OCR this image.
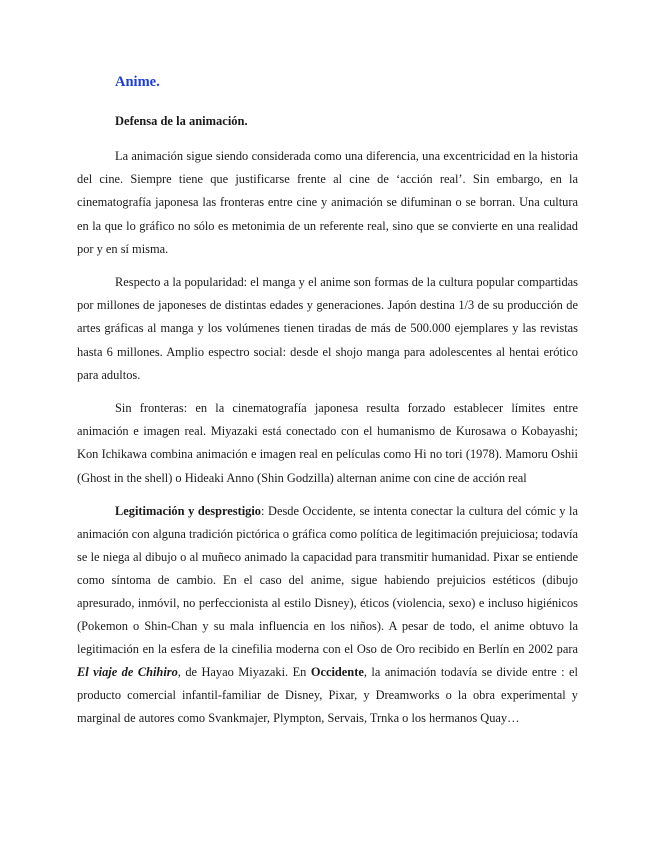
Anime.
Defensa de la animación.

La animación sigue siendo considerada como una diferencia, una excentricidad en la historia del cine. Siempre tiene que justificarse frente al cine de ‘acción real’. Sin embargo, en la cinematografía japonesa las fronteras entre cine y animación se difuminan o se borran. Una cultura en la que lo gráfico no sólo es metonimia de un referente real, sino que se convierte en una realidad por y en sí misma.

Respecto a la popularidad: el manga y el anime son formas de la cultura popular compartidas por millones de japoneses de distintas edades y generaciones. Japón destina 1/3 de su producción de artes gráficas al manga y los volúmenes tienen tiradas de más de 500.000 ejemplares y las revistas hasta 6 millones. Amplio espectro social: desde el shojo manga para adolescentes al hentai erótico para adultos.

Sin fronteras: en la cinematografía japonesa resulta forzado establecer límites entre animación e imagen real. Miyazaki está conectado con el humanismo de Kurosawa o Kobayashi; Kon Ichikawa combina animación e imagen real en películas como Hi no tori (1978). Mamoru Oshii (Ghost in the shell) o Hideaki Anno (Shin Godzilla) alternan anime con cine de acción real

Legitimación y desprestigio: Desde Occidente, se intenta conectar la cultura del cómic y la animación con alguna tradición pictórica o gráfica como política de legitimación prejuiciosa; todavía se le niega al dibujo o al muñeco animado la capacidad para transmitir humanidad. Pixar se entiende como síntoma de cambio. En el caso del anime, sigue habiendo prejuicios estéticos (dibujo apresurado, inmóvil, no perfeccionista al estilo Disney), éticos (violencia, sexo) e incluso higiénicos (Pokemon o Shin-Chan y su mala influencia en los niños). A pesar de todo, el anime obtuvo la legitimación en la esfera de la cinefilia moderna con el Oso de Oro recibido en Berlín en 2002 para El viaje de Chihiro, de Hayao Miyazaki. En Occidente, la animación todavía se divide entre : el producto comercial infantil-familiar de Disney, Pixar, y Dreamworks o la obra experimental y marginal de autores como Svankmajer, Plympton, Servais, Trnka o los hermanos Quay…
